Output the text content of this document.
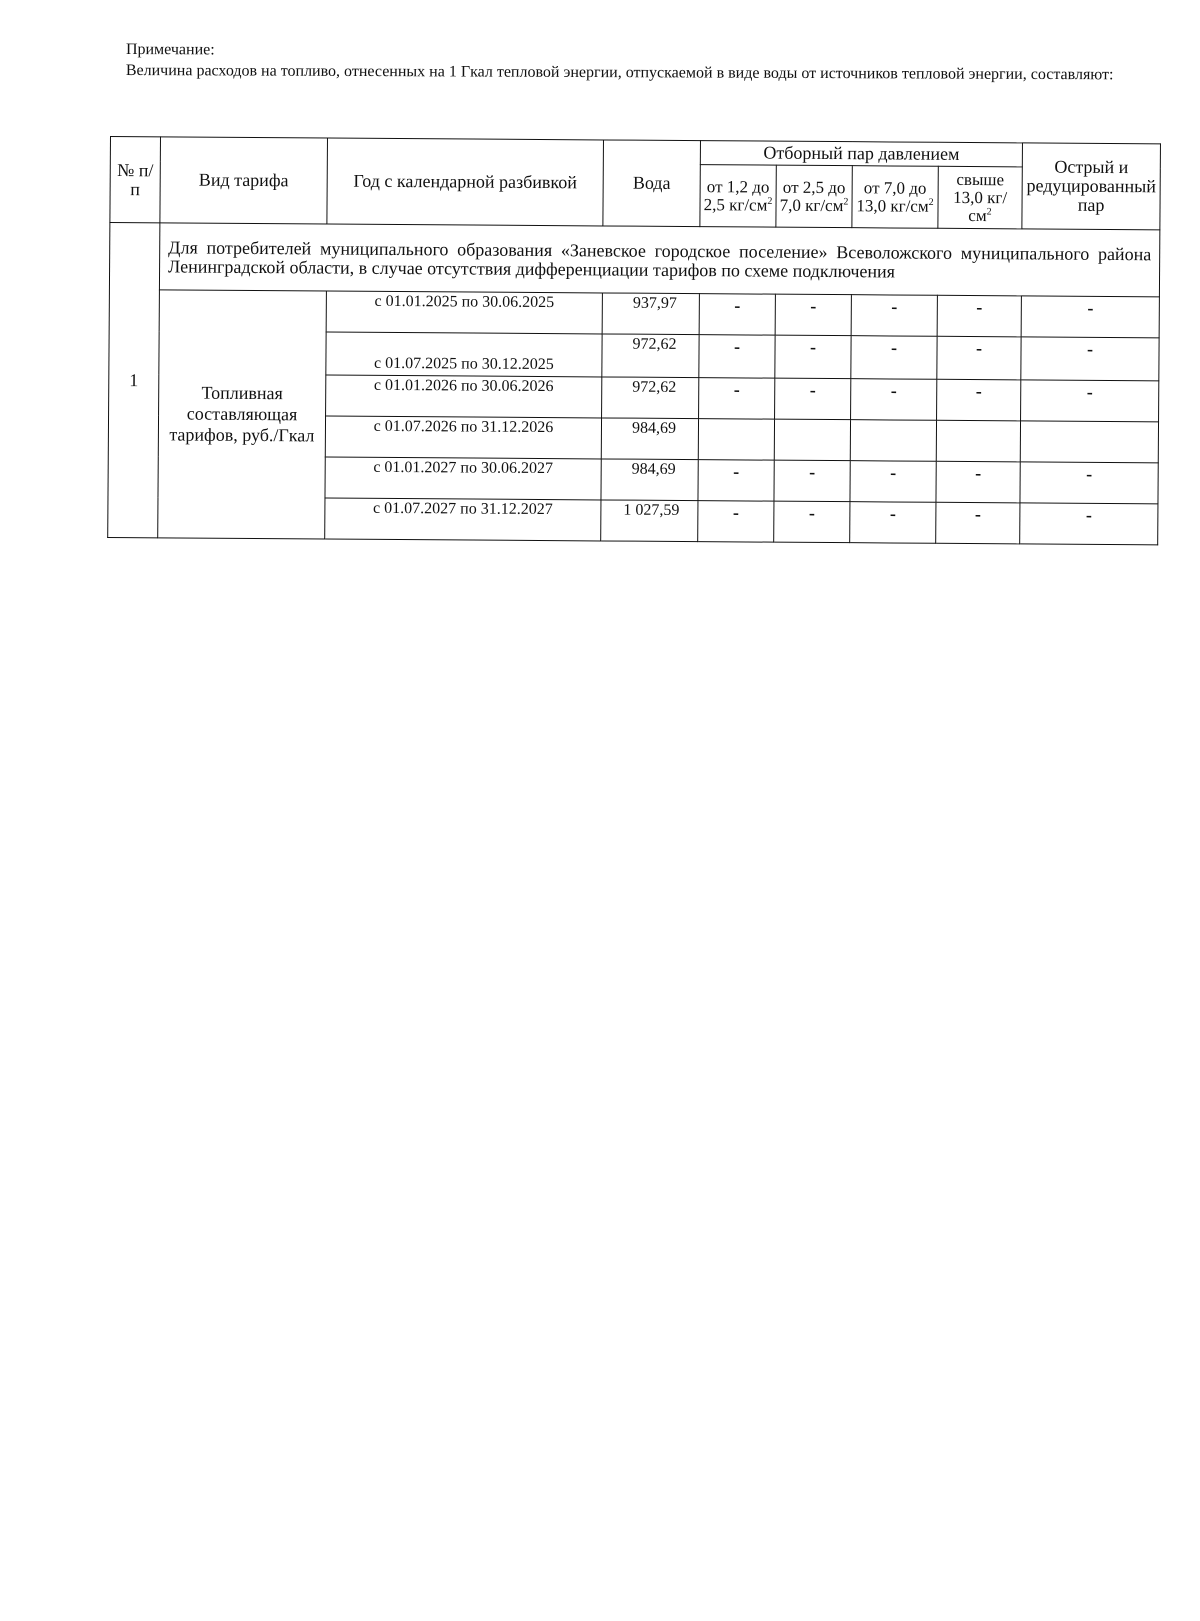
Примечание:

Величина расходов на топливо, отнесенных на 1 Гкал тепловой энергии, отпускаемой в виде воды от источников тепловой энергии, составляют:

№ п/п	Вид тарифа	Год с календарной разбивкой	Вода	Отборный пар давлением				Острый и редуцированный пар
				от 1,2 до 2,5 $кг/см^2$	от 2,5 до 7,0 $кг/см^2$	от 7,0 до 13,0 $кг/см^2$	свыше 13,0 $кг/см^2$
1	Для потребителей муниципального образования «Заневское городское поселение» Всеволожского муниципального района Ленинградской области, в случае отсутствия дифференциации тарифов по схеме подключения							
	Топливная составляющая тарифов, руб./Гкал	с 01.01.2025 по 30.06.2025	937,97	-	-	-	-	-
		с 01.07.2025 по 30.12.2025	972,62	-	-	-	-	-
		с 01.01.2026 по 30.06.2026	972,62	-	-	-	-	-
		с 01.07.2026 по 31.12.2026	984,69					
		с 01.01.2027 по 30.06.2027	984,69	-	-	-	-	-
		с 01.07.2027 по 31.12.2027	1 027,59	-	-	-	-	-
